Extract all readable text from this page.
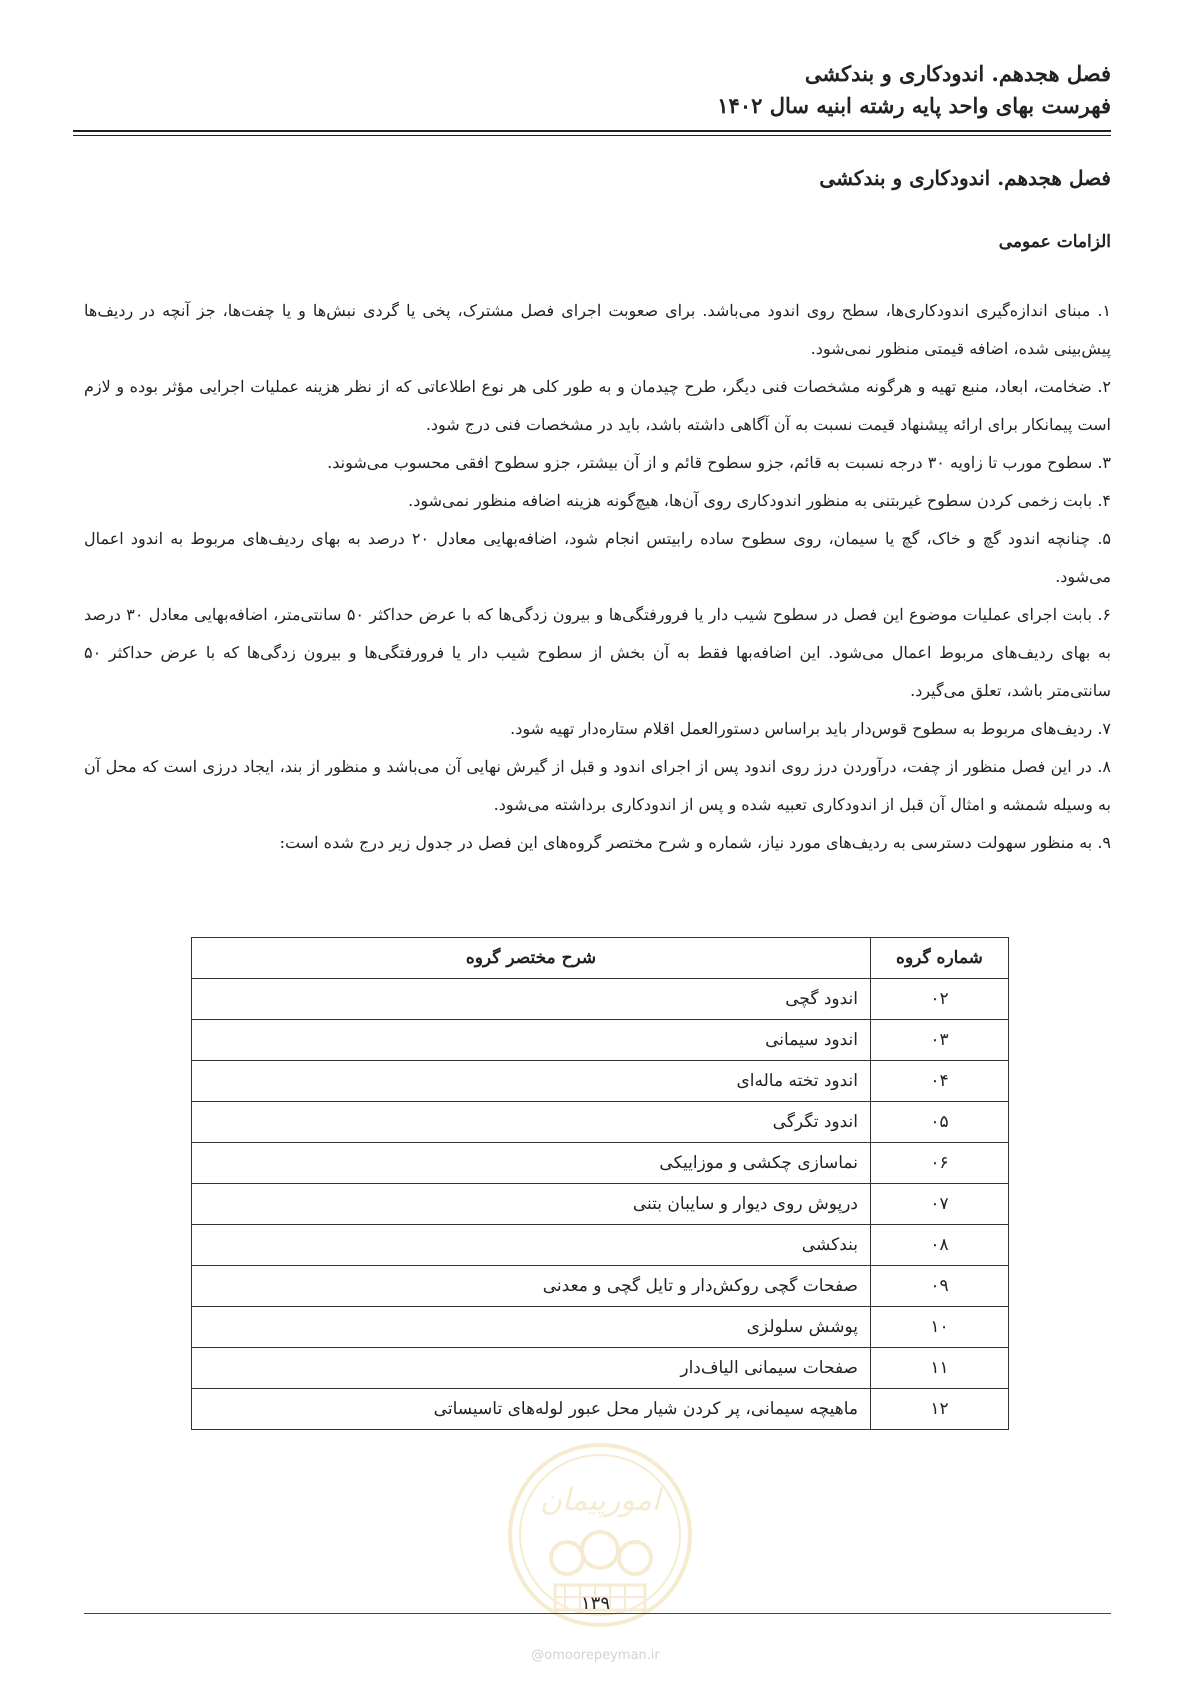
فصل هجدهم. اندودکاری و بندکشی
فهرست بهای واحد پایه رشته ابنیه سال ۱۴۰۲
فصل هجدهم. اندودکاری و بندکشی
الزامات عمومی

۱. مبنای اندازه‌گیری اندودکاری‌ها، سطح روی اندود می‌باشد. برای صعوبت اجرای فصل مشترک، پخی یا گردی نبش‌ها و یا چفت‌ها، جز آنچه در ردیف‌ها پیش‌بینی شده، اضافه قیمتی منظور نمی‌شود.

۲. ضخامت، ابعاد، منبع تهیه و هرگونه مشخصات فنی دیگر، طرح چیدمان و به طور کلی هر نوع اطلاعاتی که از نظر هزینه عملیات اجرایی مؤثر بوده و لازم است پیمانکار برای ارائه پیشنهاد قیمت نسبت به آن آگاهی داشته باشد، باید در مشخصات فنی درج شود.

۳. سطوح مورب تا زاویه ۳۰ درجه نسبت به قائم، جزو سطوح قائم و از آن بیشتر، جزو سطوح افقی محسوب می‌شوند.

۴. بابت زخمی کردن سطوح غیربتنی به منظور اندودکاری روی آن‌ها، هیچ‌گونه هزینه اضافه منظور نمی‌شود.

۵. چنانچه اندود گچ و خاک، گچ یا سیمان، روی سطوح ساده رابیتس انجام شود، اضافه‌بهایی معادل ۲۰ درصد به بهای ردیف‌های مربوط به اندود اعمال می‌شود.

۶. بابت اجرای عملیات موضوع این فصل در سطوح شیب دار یا فرورفتگی‌ها و بیرون زدگی‌ها که با عرض حداکثر ۵۰ سانتی‌متر، اضافه‌بهایی معادل ۳۰ درصد به بهای ردیف‌های مربوط اعمال می‌شود. این اضافه‌بها فقط به آن بخش از سطوح شیب دار یا فرورفتگی‌ها و بیرون زدگی‌ها که با عرض حداکثر ۵۰ سانتی‌متر باشد، تعلق می‌گیرد.

۷. ردیف‌های مربوط به سطوح قوس‌دار باید براساس دستورالعمل اقلام ستاره‌دار تهیه شود.

۸. در این فصل منظور از چفت، درآوردن درز روی اندود پس از اجرای اندود و قبل از گیرش نهایی آن می‌باشد و منظور از بند، ایجاد درزی است که محل آن به وسیله شمشه و امثال آن قبل از اندودکاری تعبیه شده و پس از اندودکاری برداشته می‌شود.

۹. به منظور سهولت دسترسی به ردیف‌های مورد نیاز، شماره و شرح مختصر گروه‌های این فصل در جدول زیر درج شده است:

شماره گروه	شرح مختصر گروه
۰۲	اندود گچی
۰۳	اندود سیمانی
۰۴	اندود تخته ماله‌ای
۰۵	اندود تگرگی
۰۶	نماسازی چکشی و موزاییکی
۰۷	درپوش روی دیوار و سایبان بتنی
۰۸	بندکشی
۰۹	صفحات گچی روکش‌دار و تایل گچی و معدنی
۱۰	پوشش سلولزی
۱۱	صفحات سیمانی الیاف‌دار
۱۲	ماهیچه سیمانی، پر کردن شیار محل عبور لوله‌های تاسیساتی
امورپیمان
۱۳۹
@omoorepeyman.ir
